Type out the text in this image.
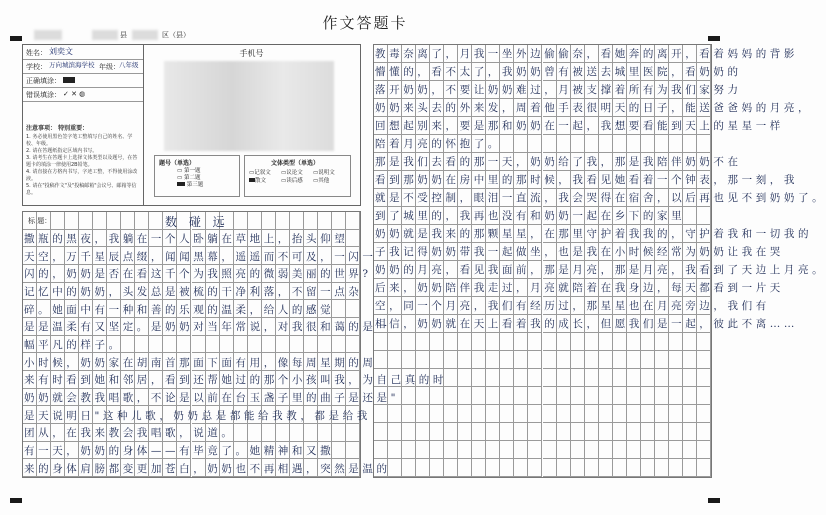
作文答题卡
县	区（县）
姓名： 刘奕文
学校： 万向城滨海学校 年级： 八年级
正确填涂：
错误填涂： ✓ ✕ ◍
注意事项： 特别重要：
1. 务必使用黑色签字笔工整填写自己的姓名、学校、年级。
2. 请在答题纸指定区域内书写。
3. 请考生在答题卡上选择文体类型以及题号，在答题卡的填涂一律使用2B铅笔。
4. 请直接在方格内书写，字迹工整，不得使用涂改液。
5. 请在"投稿作文"及"投稿邮箱"会议号、邮箱等信息。
手机号
题号（单选）
▭ 第一题
▭ 第二题
第三题
文体类型（单选）
▭记叙文 ▭议论文 ▭说明文 散文	▭读后感 ▭其他
标 题：	数 碰 远
撒瓶的黑夜，我躺在一个人卧躺在草地上，抬头仰望
天空，万千星辰点缀，闻闻黑幕，遥遥而不可及，一闪一
闪的，奶奶是否在看这千个为我照亮的微弱美丽的世界?
记忆中的奶奶，头发总是被梳的干净利落，不留一点杂
碎。她面中有一种和善的乐观的温柔，给人的感觉
是是温柔有又坚定。是奶奶对当年常说，对我很和蔼的是一
幅平凡的样子。
小时候，奶奶家在胡南首那面下面有用，像每周星期的周
来有时看到她和邻居，看到还帮她过的那个小孩叫我，为自己真的时
奶奶就会教我唱歌，不论是以前在台玉盏子里的曲子是还是"
是天说明日"这种儿歌，奶奶总是都能给我教，都是给我
团从，在我来教会我唱歌，说道。
有一天，奶奶的身体——有毕竟了。她精神和又撒
来的身体肩膀都变更加苍白，奶奶也不再相遇，突然是温的
教毒奈离了，月我一坐外边偷偷奈，看她奔的离开，看着妈妈的背影
懵懂的，看不太了，我奶奶曾有被送去城里医院，看奶奶的
落开奶奶，不要让奶奶难过，月被支撑着所有为我们家努力
奶奶来头去的外来发，周着他手表很明天的日子，能送爸爸妈的月亮，
回想起别来，要是那和奶奶在一起，我想要看能到天上的星星一样
陪着月亮的怀抱了。
那是我们去看的那一天，奶奶给了我，那是我陪伴奶奶不在
看到那奶奶在房中里的那时候，我看见她看着一个钟表，那一刻，我
就是不受控制，眼泪一直流，我会哭得在宿舍，以后再也见不到奶奶了。
到了城里的，我再也没有和奶奶一起在乡下的家里
奶奶就是我来的那颗星星，在那里守护着我我的，守护着我和一切我的
子我记得奶奶带我一起做坐，也是我在小时候经常为奶奶让我在哭
奶奶的月亮，看见我面前，那是月亮，那是月亮，我看到了天边上月亮。
后来，奶奶陪伴我走过，月亮就陪着在我身边，每天都看到一片天
空，同一个月亮，我们有经历过，那星星也在月亮旁边，我们有
相信，奶奶就在天上看着我的成长，但愿我们是一起，彼此不离……
